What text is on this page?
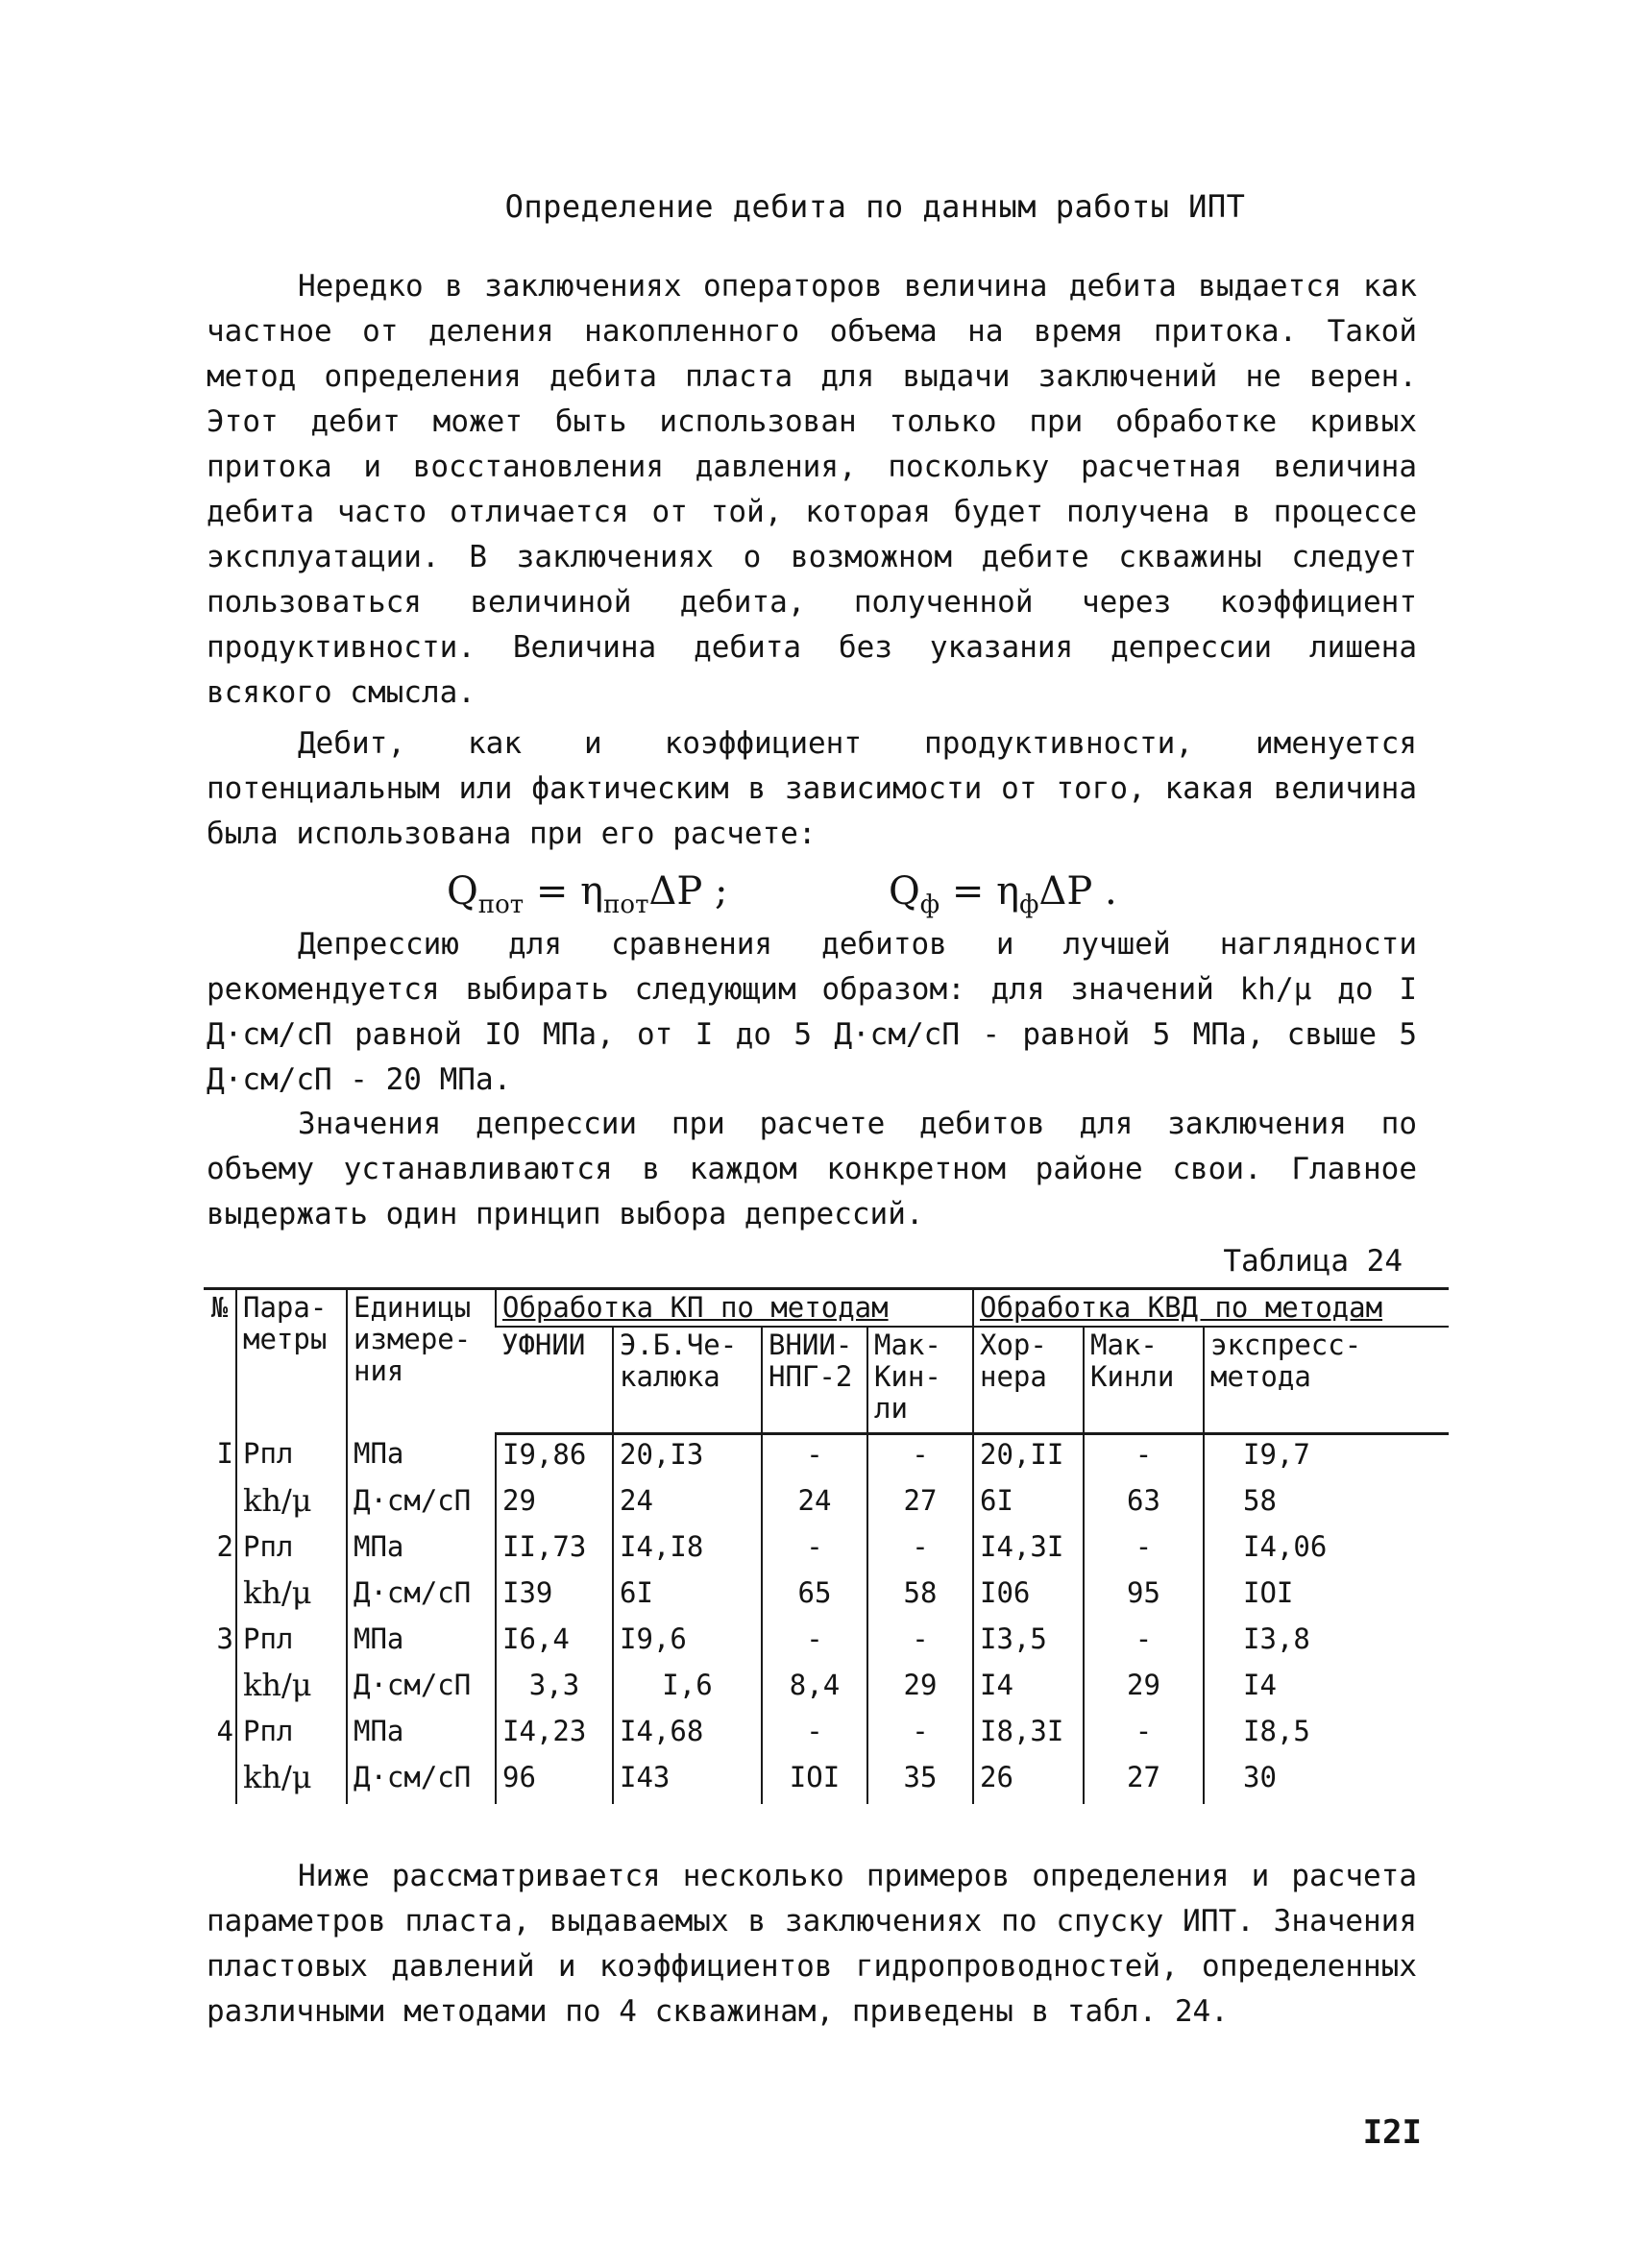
Определение дебита по данным работы ИПТ

Нередко в заключениях операторов величина дебита выдается как частное от деления накопленного объема на время притока. Такой метод определения дебита пласта для выдачи заключений не верен. Этот дебит может быть использован только при обработке кривых притока и восстановления давления, поскольку расчетная величина дебита часто отличается от той, которая будет получена в процессе эксплуатации. В заключениях о возможном дебите скважины следует пользоваться величиной дебита, полученной через коэффициент продуктивности. Величина дебита без указания депрессии лишена всякого смысла.

Дебит, как и коэффициент продуктивности, именуется потенциальным или фактическим в зависимости от того, какая величина была использована при его расчете:

$Q_{пот} = \eta_{пот}\Delta P$ ;	$Q_ф = \eta_ф\Delta P$ .

Депрессию для сравнения дебитов и лучшей наглядности рекомендуется выбирать следующим образом: для значений kh/μ до I Д·см/сП равной IO МПа, от I до 5 Д·см/сП - равной 5 МПа, свыше 5 Д·см/сП - 20 МПа.

Значения депрессии при расчете дебитов для заключения по объему устанавливаются в каждом конкретном районе свои. Главное выдержать один принцип выбора депрессий.

Таблица 24
№	Пара- метры	Единицы измере- ния	Обработка КП по методам				Обработка КВД по методам		
			УФНИИ	Э.Б.Че- калюка	ВНИИ- НПГ-2	Мак- Кин- ли	Хор- нера	Мак- Кинли	экспресс- метода
I	Pпл	МПа	I9,86	20,I3	-	-	20,II	-	I9,7
	kh/μ	Д·см/сП	29	24	24	27	6I	63	58
2	Pпл	МПа	II,73	I4,I8	-	-	I4,3I	-	I4,06
	kh/μ	Д·см/сП	I39	6I	65	58	I06	95	IOI
3	Pпл	МПа	I6,4	I9,6	-	-	I3,5	-	I3,8
	kh/μ	Д·см/сП	3,3	I,6	8,4	29	I4	29	I4
4	Pпл	МПа	I4,23	I4,68	-	-	I8,3I	-	I8,5
	kh/μ	Д·см/сП	96	I43	IOI	35	26	27	30

Ниже рассматривается несколько примеров определения и расчета параметров пласта, выдаваемых в заключениях по спуску ИПТ. Значения пластовых давлений и коэффициентов гидропроводностей, определенных различными методами по 4 скважинам, приведены в табл. 24.

I2I
